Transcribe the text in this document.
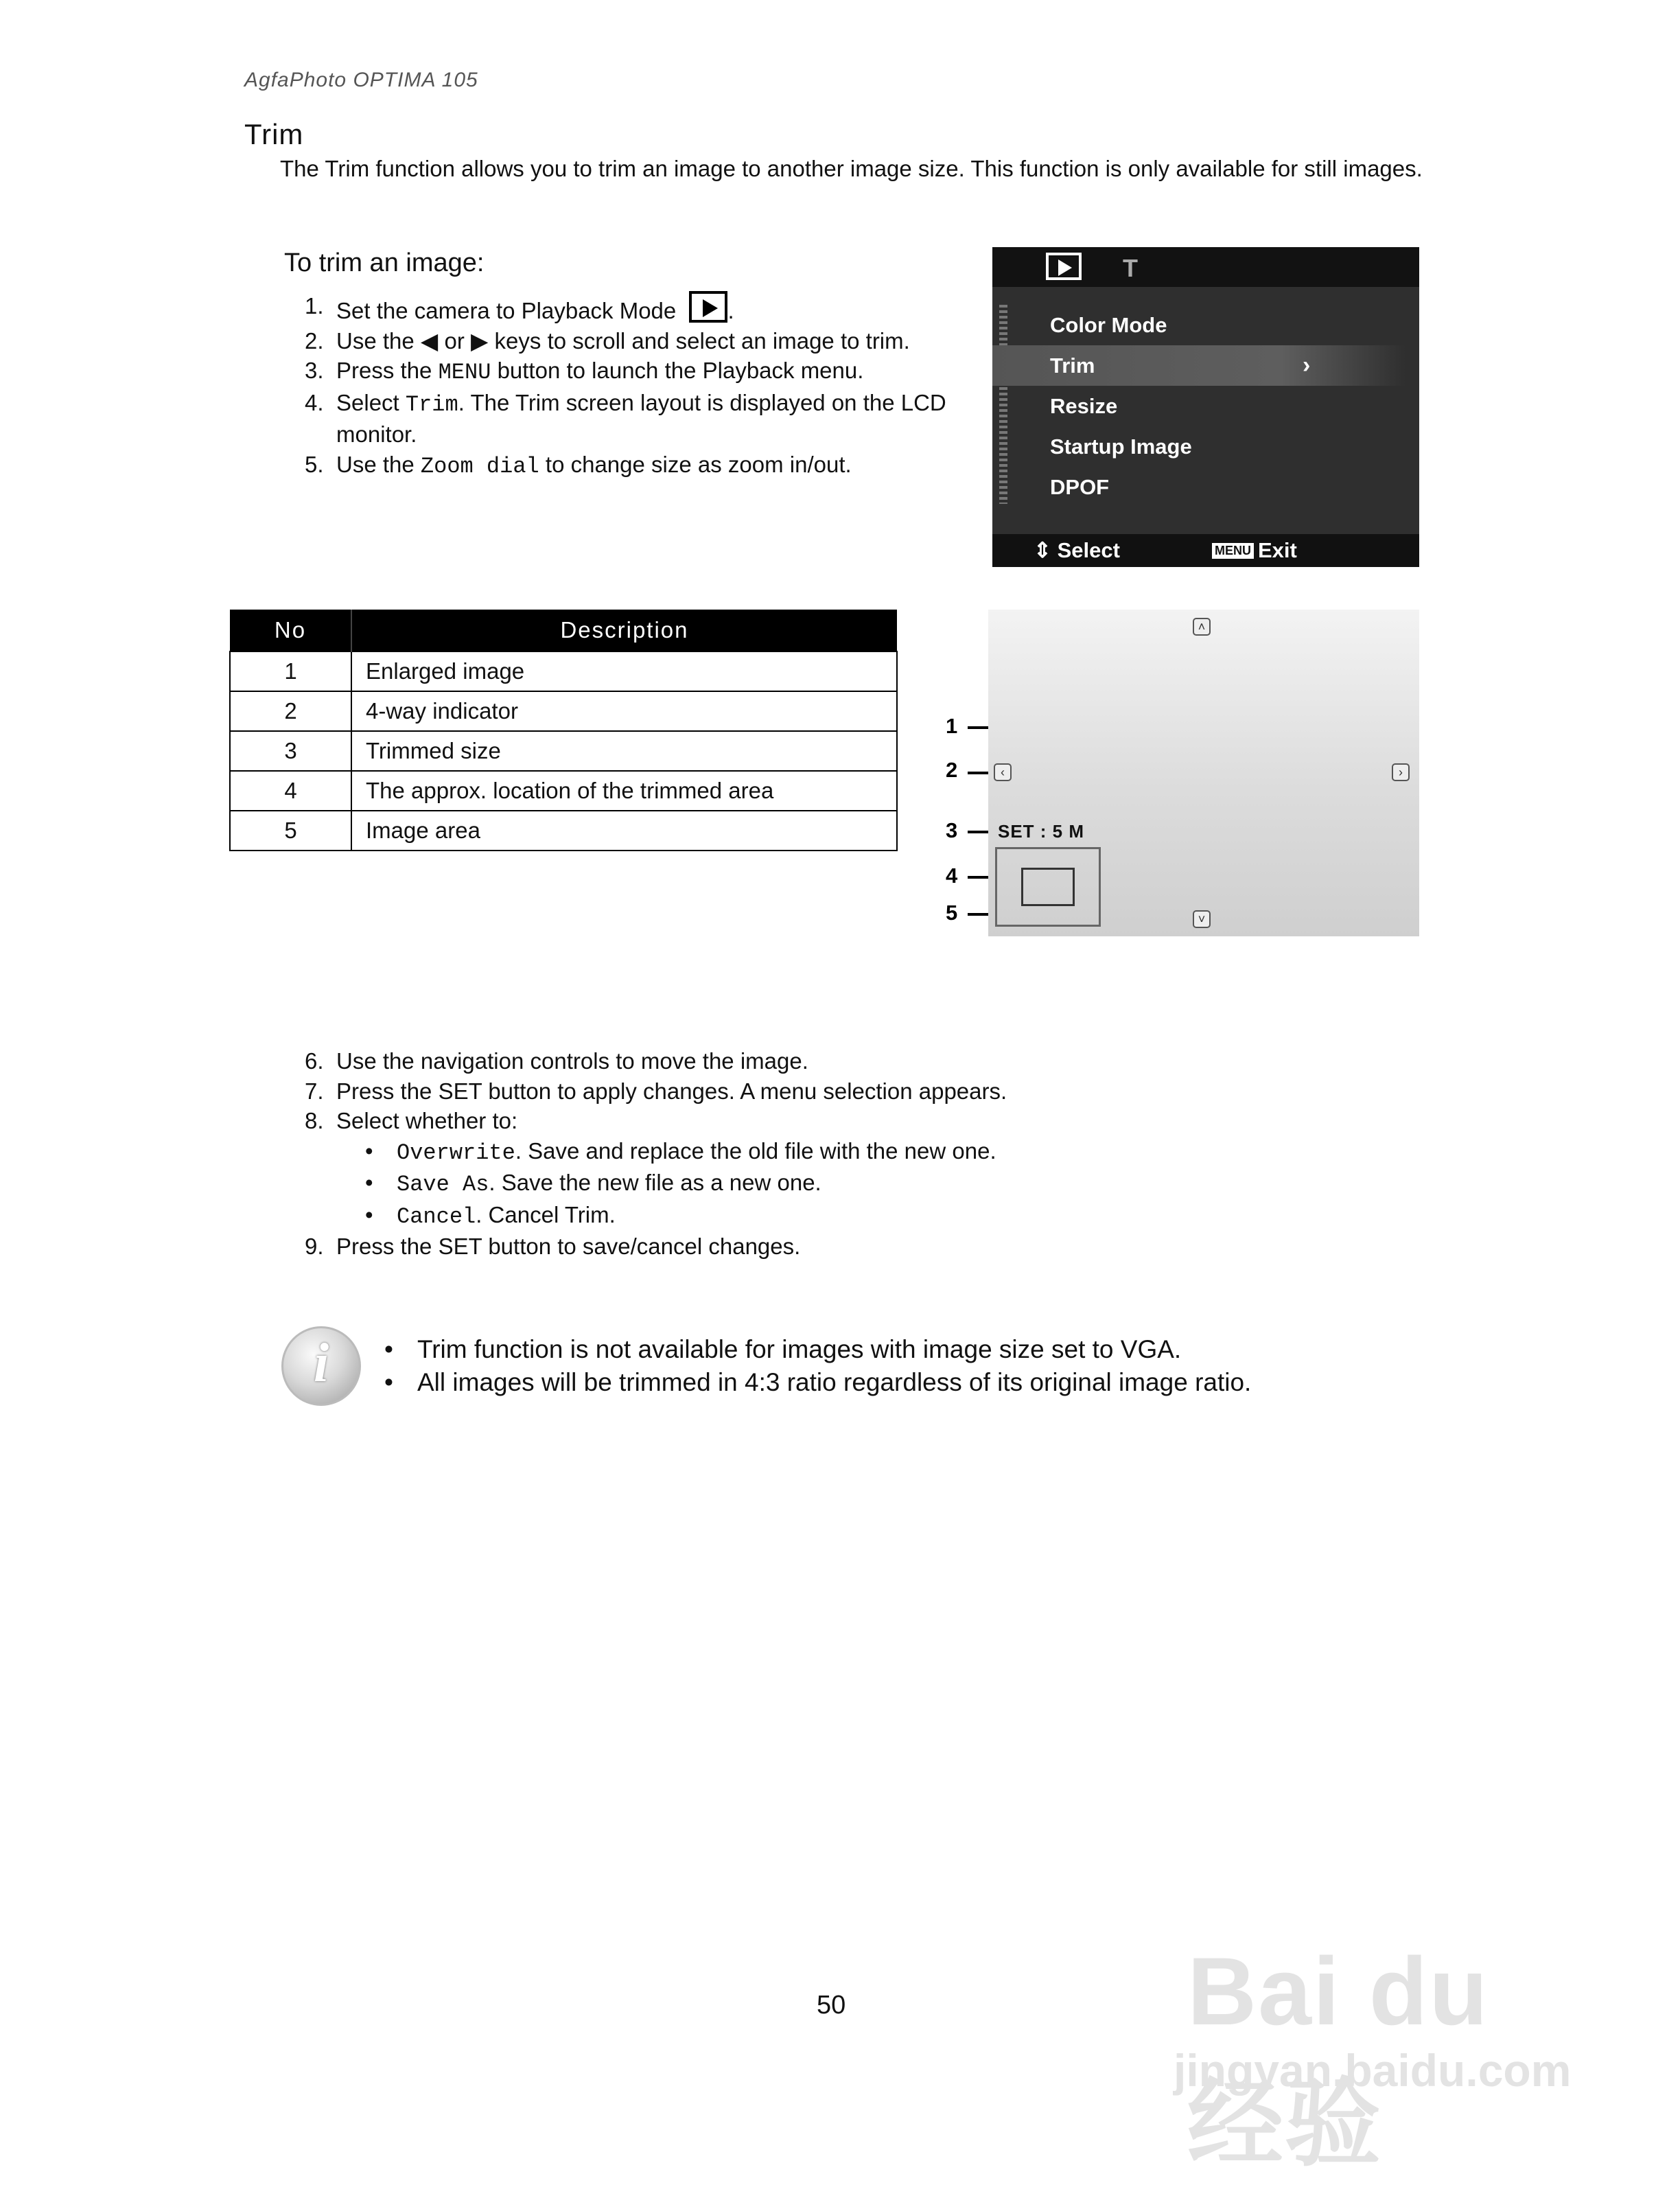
AgfaPhoto OPTIMA 105
Trim
The Trim function allows you to trim an image to another image size. This function is only available for still images.
To trim an image:
1. Set the camera to Playback Mode .
2. Use the ◀ or ▶ keys to scroll and select an image to trim.
3. Press the MENU button to launch the Playback menu.
4. Select Trim. The Trim screen layout is displayed on the LCD monitor.
5. Use the Zoom dial to change size as zoom in/out.
T
Color Mode
Trim	›
Resize
Startup Image
DPOF
⇕ Select	MENU Exit
No	Description
1	Enlarged image
2	4-way indicator
3	Trimmed size
4	The approx. location of the trimmed area
5	Image area
1
2
3
4
5
˄
‹	›
˅
SET : 5 M
6. Use the navigation controls to move the image.
7. Press the SET button to apply changes. A menu selection appears.
8. Select whether to:
• Overwrite. Save and replace the old file with the new one.
• Save As. Save the new file as a new one.
• Cancel. Cancel Trim.
9. Press the SET button to save/cancel changes.
i	• Trim function is not available for images with image size set to VGA.
• All images will be trimmed in 4:3 ratio regardless of its original image ratio.
50	Bai du 经验
jingyan.baidu.com
